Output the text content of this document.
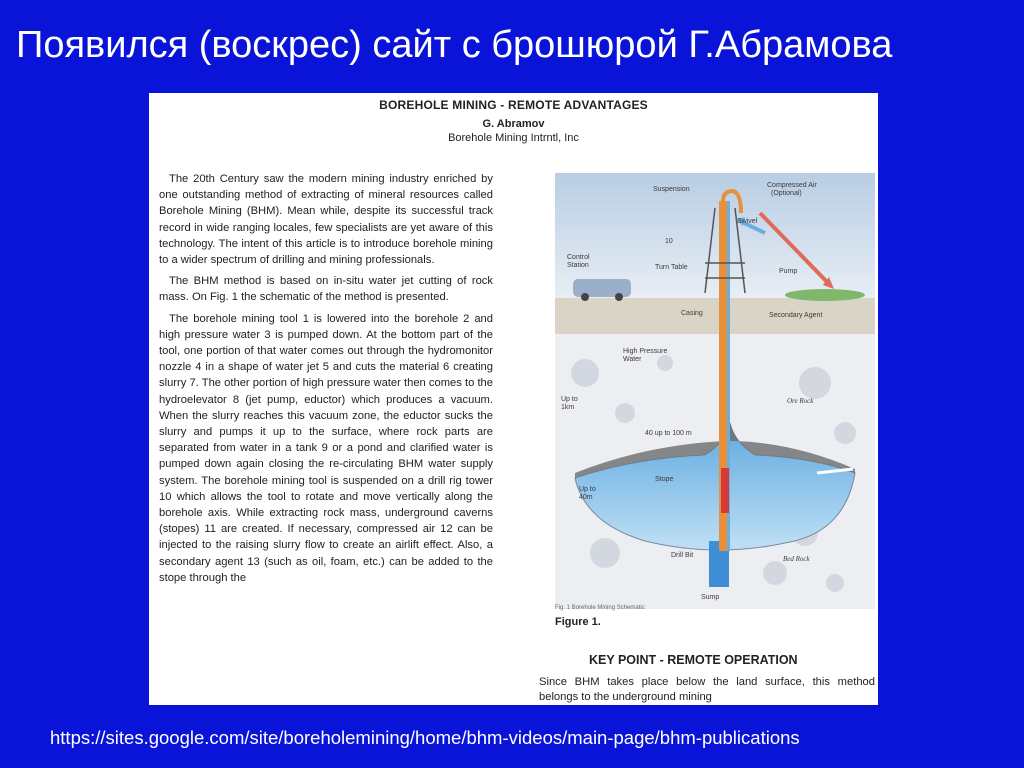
Появился (воскрес) сайт с брошюрой Г.Абрамова
BOREHOLE MINING - REMOTE ADVANTAGES
G. Abramov
Borehole Mining Intrntl, Inc

The 20th Century saw the modern mining industry enriched by one outstanding method of extracting of mineral resources called Borehole Mining (BHM). Mean while, despite its successful track record in wide ranging locales, few specialists are yet aware of this technology. The intent of this article is to introduce borehole mining to a wider spectrum of drilling and mining professionals.

The BHM method is based on in-situ water jet cutting of rock mass. On Fig. 1 the schematic of the method is presented.

The borehole mining tool 1 is lowered into the borehole 2 and high pressure water 3 is pumped down. At the bottom part of the tool, one portion of that water comes out through the hydromonitor nozzle 4 in a shape of water jet 5 and cuts the material 6 creating slurry 7. The other portion of high pressure water then comes to the hydroelevator 8 (jet pump, eductor) which produces a vacuum. When the slurry reaches this vacuum zone, the eductor sucks the slurry and pumps it up to the surface, where rock parts are separated from water in a tank 9 or a pond and clarified water is pumped down again closing the re-circulating BHM water supply system. The borehole mining tool is suspended on a drill rig tower 10 which allows the tool to rotate and move vertically along the borehole axis. While extracting rock mass, underground caverns (stopes) 11 are created. If necessary, compressed air 12 can be injected to the raising slurry flow to create an airlift effect. Also, a secondary agent 13 (such as oil, foam, etc.) can be added to the stope through the

Suspension
Compressed Air
(Optional)
Swivel
10
Control
Station	Turn Table
Pump
Casing	Secondary Agent
High Pressure
Water
Up to
1km
Ore Rock
40 up to 100 m
Stope
Up to
40m
Drill Bit	Bed Rock
Sump
Fig. 1 Borehole Mining Schematic
Figure 1.
KEY POINT - REMOTE OPERATION
Since BHM takes place below the land surface, this method belongs to the underground mining
https://sites.google.com/site/boreholemining/home/bhm-videos/main-page/bhm-publications
